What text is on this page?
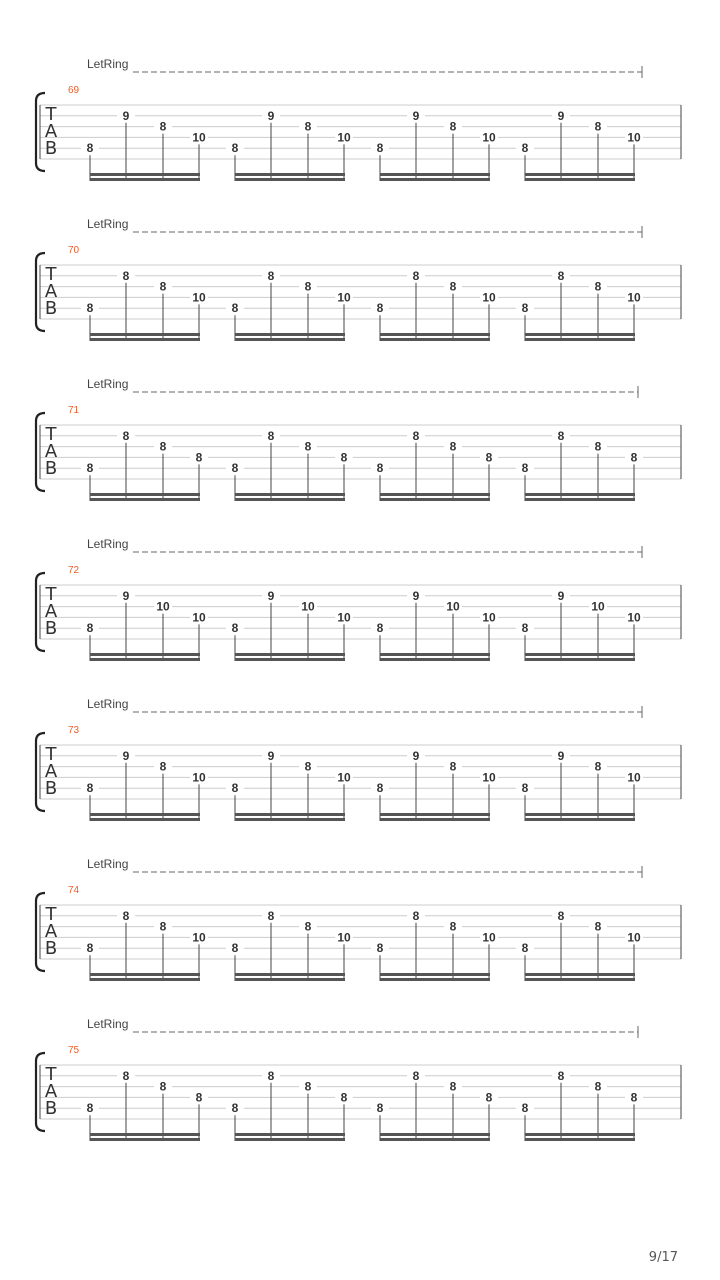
LetRing
69
T
A
B 8
9
8
10
8
9
8
10
8
9
8
10
8
9
8
10
LetRing
70
T
A
B 8
8
8
10
8
8
8
10
8
8
8
10
8
8
8
10
LetRing
71
T
A
B 8
8
8
8
8
8
8
8
8
8
8
8
8
8
8
8
LetRing
72
T
A
B 8
9
10
10
8
9
10
10
8
9
10
10
8
9
10
10
LetRing
73
T
A
B 8
9
8
10
8
9
8
10
8
9
8
10
8
9
8
10
LetRing
74
T
A
B 8
8
8
10
8
8
8
10
8
8
8
10
8
8
8
10
LetRing
75
T
A
B 8
8
8
8
8
8
8
8
8
8
8
8
8
8
8
8
9/17
